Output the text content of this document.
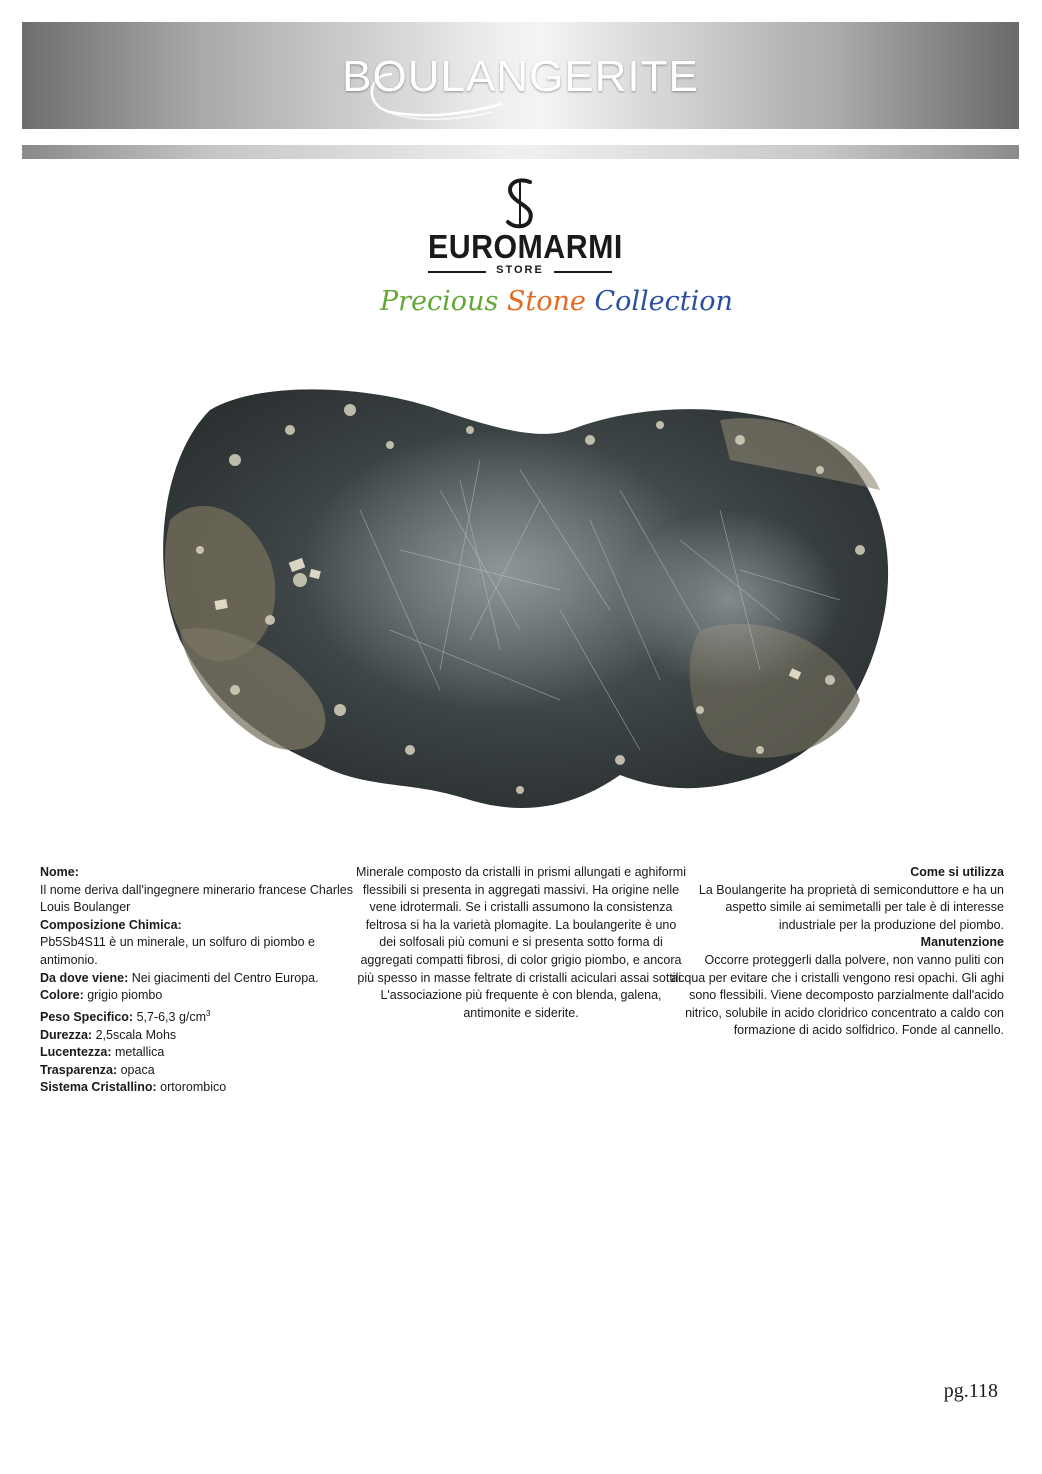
BOULANGERITE
EUROMARMI
STORE
Precious Stone Collection
Nome:
Il nome deriva dall'ingegnere minerario francese Charles Louis Boulanger
Composizione Chimica:
Pb5Sb4S11 è un minerale, un solfuro di piombo e antimonio.
Da dove viene: Nei giacimenti del Centro Europa.
Colore: grigio piombo
Peso Specifico: 5,7-6,3 $g/cm^3$
Durezza: 2,5scala Mohs
Lucentezza: metallica
Trasparenza: opaca
Sistema Cristallino: ortorombico
Minerale composto da cristalli in prismi allungati e aghiformi flessibili si presenta in aggregati massivi. Ha origine nelle vene idrotermali. Se i cristalli assumono la consistenza feltrosa si ha la varietà plomagite. La boulangerite è uno dei solfosali più comuni e si presenta sotto forma di aggregati compatti fibrosi, di color grigio piombo, e ancora più spesso in masse feltrate di cristalli aciculari assai sottili. L'associazione più frequente è con blenda, galena, antimonite e siderite.
Come si utilizza
La Boulangerite ha proprietà di semiconduttore e ha un aspetto simile ai semimetalli per tale è di interesse industriale per la produzione del piombo.
Manutenzione
Occorre proteggerli dalla polvere, non vanno puliti con acqua per evitare che i cristalli vengono resi opachi. Gli aghi sono flessibili. Viene decomposto parzialmente dall'acido nitrico, solubile in acido cloridrico concentrato a caldo con formazione di acido solfidrico. Fonde al cannello.
pg.118
